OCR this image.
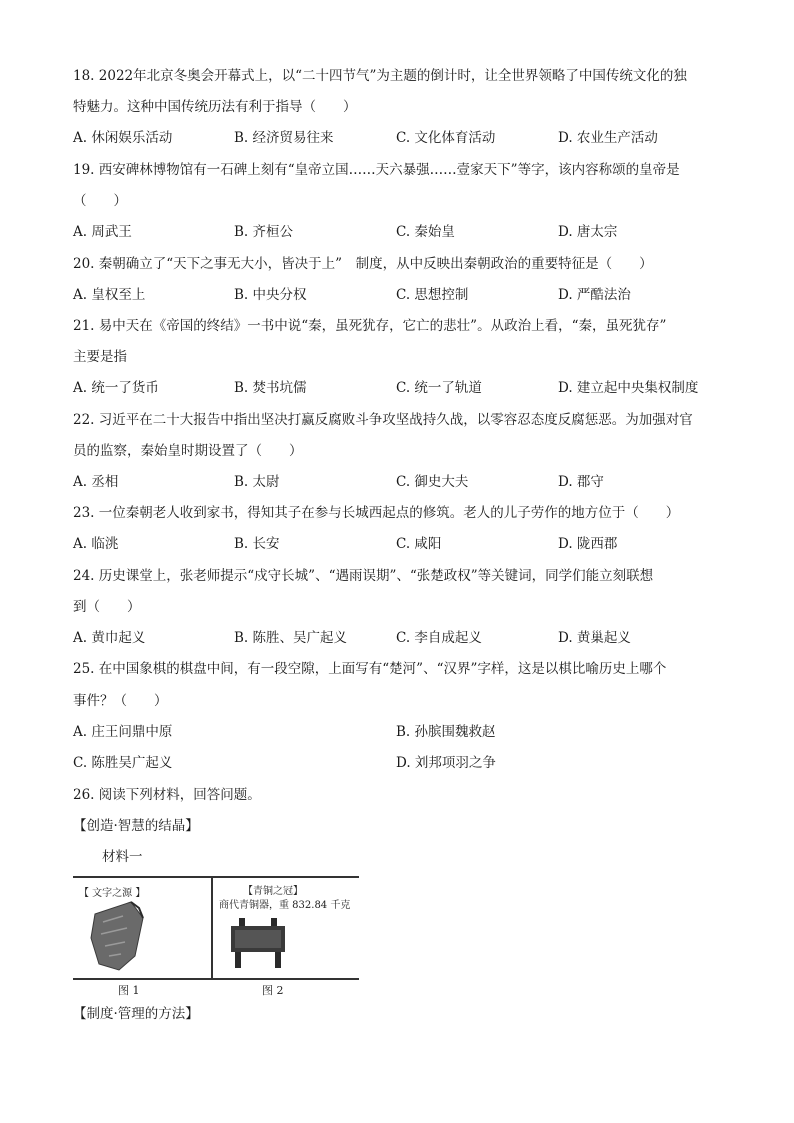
18. 2022年北京冬奥会开幕式上，以“二十四节气”为主题的倒计时，让全世界领略了中国传统文化的独
特魅力。这种中国传统历法有利于指导（　　）
A. 休闲娱乐活动	B. 经济贸易往来	C. 文化体育活动	D. 农业生产活动
19. 西安碑林博物馆有一石碑上刻有“皇帝立国……天六暴强……壹家天下”等字，该内容称颂的皇帝是
（　　）
A. 周武王	B. 齐桓公	C. 秦始皇	D. 唐太宗
20. 秦朝确立了“天下之事无大小，皆决于上”　制度，从中反映出秦朝政治的重要特征是（　　）
A. 皇权至上	B. 中央分权	C. 思想控制	D. 严酷法治
21. 易中天在《帝国的终结》一书中说“秦，虽死犹存，它亡的悲壮”。从政治上看，“秦，虽死犹存”
主要是指
A. 统一了货币	B. 焚书坑儒	C. 统一了轨道	D. 建立起中央集权制度
22. 习近平在二十大报告中指出坚决打赢反腐败斗争攻坚战持久战，以零容忍态度反腐惩恶。为加强对官
员的监察，秦始皇时期设置了（　　）
A. 丞相	B. 太尉	C. 御史大夫	D. 郡守
23. 一位秦朝老人收到家书，得知其子在参与长城西起点的修筑。老人的儿子劳作的地方位于（　　）
A. 临洮	B. 长安	C. 咸阳	D. 陇西郡
24. 历史课堂上，张老师提示“戍守长城”、“遇雨误期”、“张楚政权”等关键词，同学们能立刻联想
到（　　）
A. 黄巾起义	B. 陈胜、吴广起义	C. 李自成起义	D. 黄巢起义
25. 在中国象棋的棋盘中间，有一段空隙，上面写有“楚河”、“汉界”字样，这是以棋比喻历史上哪个
事件？（　　）
A. 庄王问鼎中原	B. 孙膑围魏救赵
C. 陈胜吴广起义	D. 刘邦项羽之争
26. 阅读下列材料，回答问题。
【创造·智慧的结晶】
材料一
【 文字之源 】	【青铜之冠】
商代青铜器，重 832.84 千克
图 1	图 2
【制度·管理的方法】
